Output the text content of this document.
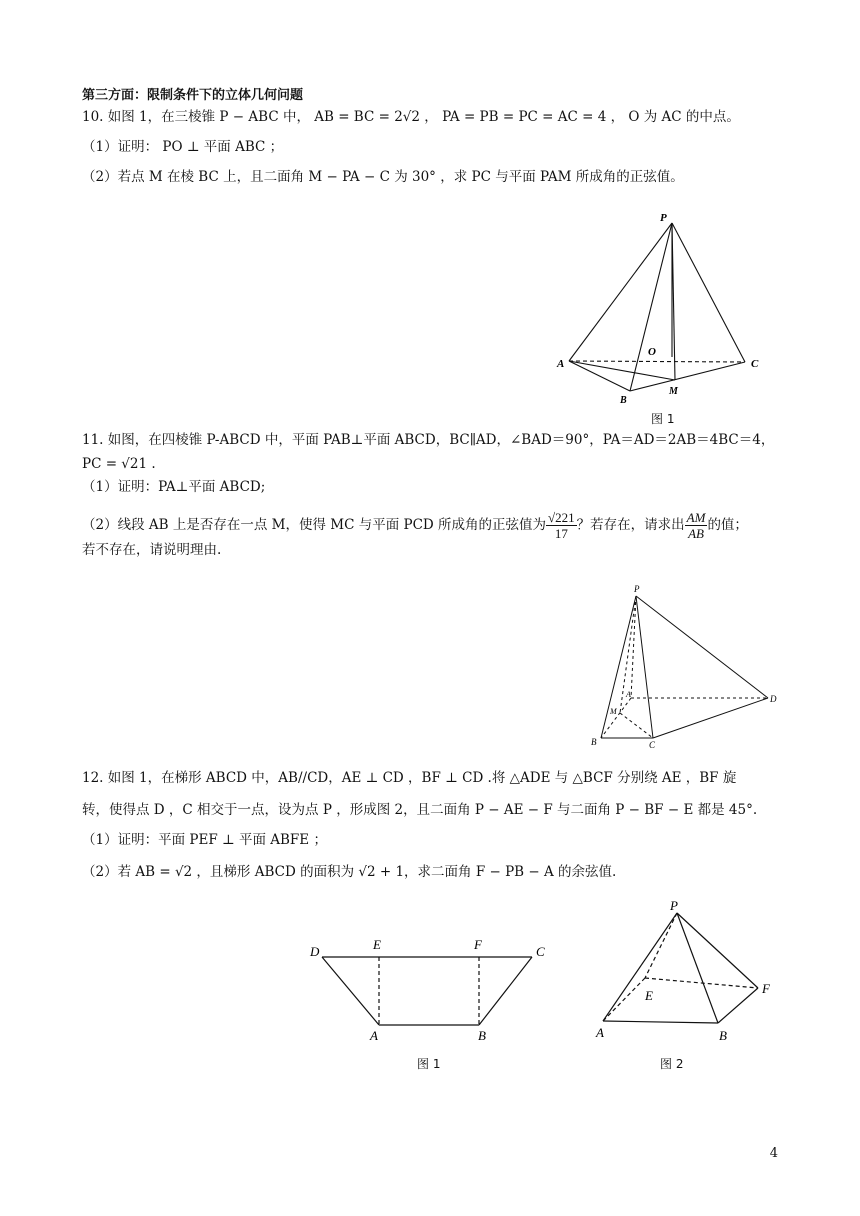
第三方面：限制条件下的立体几何问题
10. 如图 1，在三棱锥 P − ABC 中， AB = BC = 2√2 ， PA = PB = PC = AC = 4 ， O 为 AC 的中点。
（1）证明： PO ⊥ 平面 ABC ；
（2）若点 M 在棱 BC 上，且二面角 M − PA − C 为 30° ，求 PC 与平面 PAM 所成角的正弦值。
P
O
A	C
M
B
图 1
11. 如图，在四棱锥 P-ABCD 中，平面 PAB⊥平面 ABCD，BC∥AD，∠BAD＝90°，PA＝AD＝2AB＝4BC＝4，
PC = √21 .
（1）证明：PA⊥平面 ABCD;
（2）线段 AB 上是否存在一点 M，使得 MC 与平面 PCD 所成角的正弦值为 $\frac{√221}{17}$ ？若存在，请求出 $\frac{AM}{AB}$ 的值；
若不存在，请说明理由.
P
A	D
M
B	C
12. 如图 1，在梯形 ABCD 中，AB//CD，AE ⊥ CD ，BF ⊥ CD .将 △ADE 与 △BCF 分别绕 AE ，BF 旋
转，使得点 D ，C 相交于一点，设为点 P ，形成图 2，且二面角 P − AE − F 与二面角 P − BF − E 都是 45°.
（1）证明：平面 PEF ⊥ 平面 ABFE ；
（2）若 AB = √2 ，且梯形 ABCD 的面积为 √2 + 1，求二面角 F − PB − A 的余弦值.
D	E	F	C
A	B
图 1
P
E	F
A	B
图 2
4
